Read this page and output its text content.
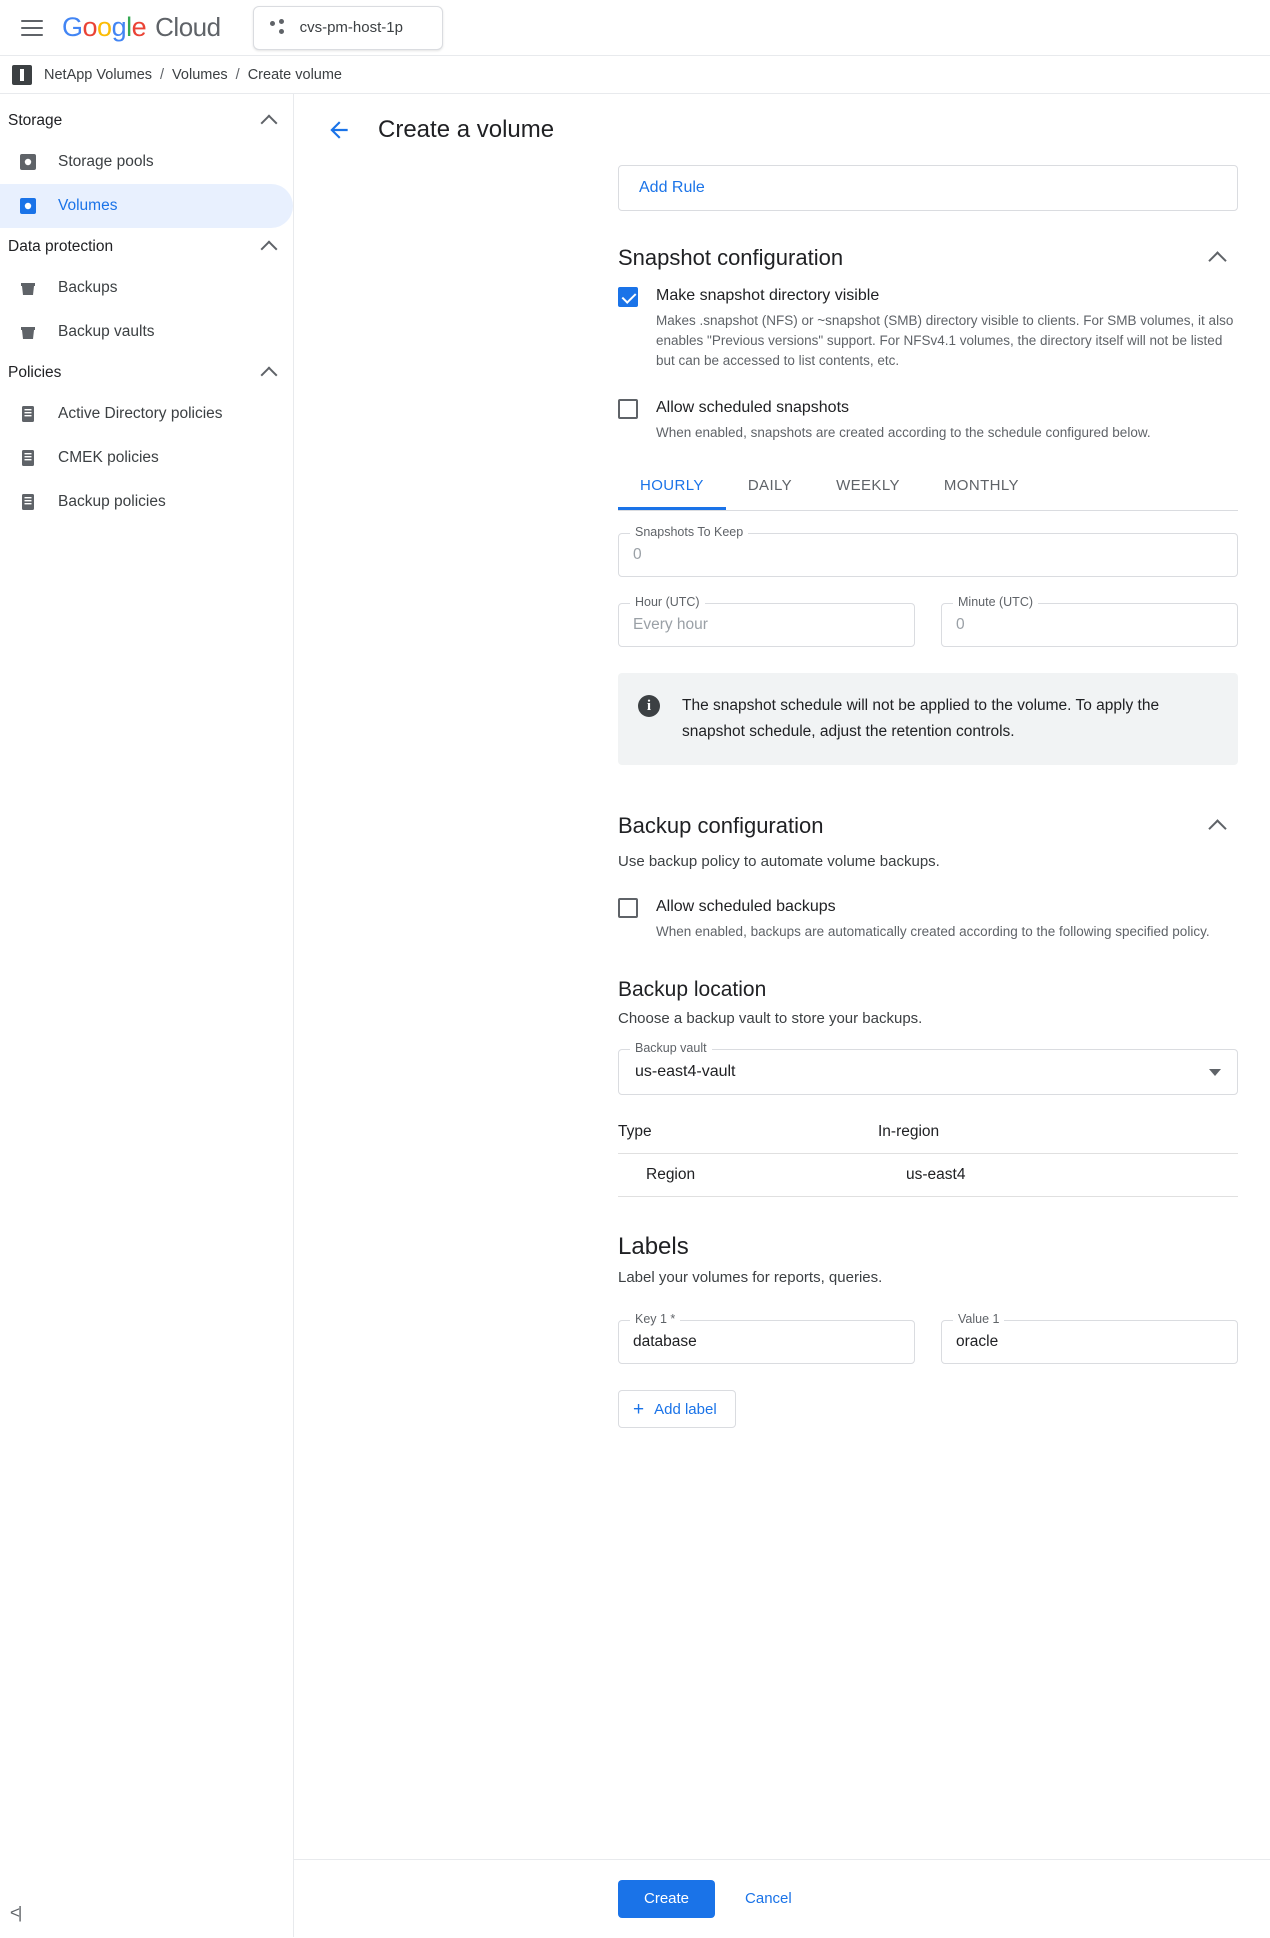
G o o g l e Cloud	cvs-pm-host-1p
NetApp Volumes / Volumes / Create volume
Storage
Storage pools
Volumes
Data protection
Backups
Backup vaults
Policies
Active Directory policies
CMEK policies
Backup policies
<|
Create a volume
Add Rule
Snapshot configuration
Make snapshot directory visible
Makes .snapshot (NFS) or ~snapshot (SMB) directory visible to clients. For SMB volumes, it also enables "Previous versions" support. For NFSv4.1 volumes, the directory itself will not be listed but can be accessed to list contents, etc.
Allow scheduled snapshots
When enabled, snapshots are created according to the schedule configured below.
HOURLY	DAILY	WEEKLY	MONTHLY
Snapshots To Keep
0
Hour (UTC)
Every hour
Minute (UTC)
0
i	The snapshot schedule will not be applied to the volume. To apply the snapshot schedule, adjust the retention controls.
Backup configuration
Use backup policy to automate volume backups.
Allow scheduled backups
When enabled, backups are automatically created according to the following specified policy.
Backup location
Choose a backup vault to store your backups.
Backup vault
us-east4-vault
Type	In-region
Region	us-east4
Labels
Label your volumes for reports, queries.
Key 1 *
database
Value 1
oracle
+ Add label
Create	Cancel
